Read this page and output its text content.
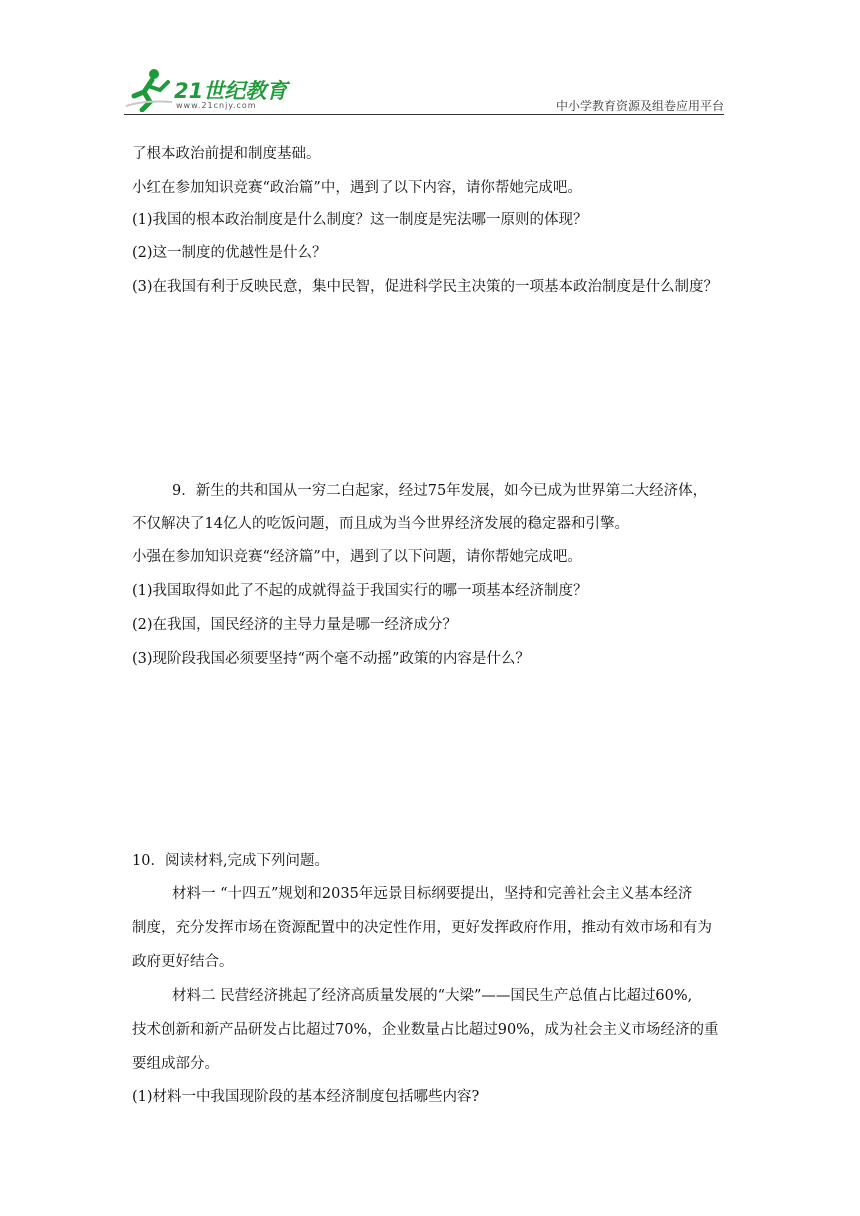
21世纪教育
www.21cnjy.com	中小学教育资源及组卷应用平台
了根本政治前提和制度基础。
小红在参加知识竞赛“政治篇”中，遇到了以下内容，请你帮她完成吧。
(1)我国的根本政治制度是什么制度？这一制度是宪法哪一原则的体现？
(2)这一制度的优越性是什么？
(3)在我国有利于反映民意，集中民智，促进科学民主决策的一项基本政治制度是什么制度？
9．新生的共和国从一穷二白起家，经过75年发展，如今已成为世界第二大经济体，
不仅解决了14亿人的吃饭问题，而且成为当今世界经济发展的稳定器和引擎。
小强在参加知识竞赛“经济篇”中，遇到了以下问题，请你帮她完成吧。
(1)我国取得如此了不起的成就得益于我国实行的哪一项基本经济制度？
(2)在我国，国民经济的主导力量是哪一经济成分？
(3)现阶段我国必须要坚持“两个毫不动摇”政策的内容是什么？
10．阅读材料,完成下列问题。
材料一 “十四五”规划和2035年远景目标纲要提出，坚持和完善社会主义基本经济
制度，充分发挥市场在资源配置中的决定性作用，更好发挥政府作用，推动有效市场和有为
政府更好结合。
材料二 民营经济挑起了经济高质量发展的“大梁”——国民生产总值占比超过60%,
技术创新和新产品研发占比超过70%，企业数量占比超过90%，成为社会主义市场经济的重
要组成部分。
(1)材料一中我国现阶段的基本经济制度包括哪些内容?
